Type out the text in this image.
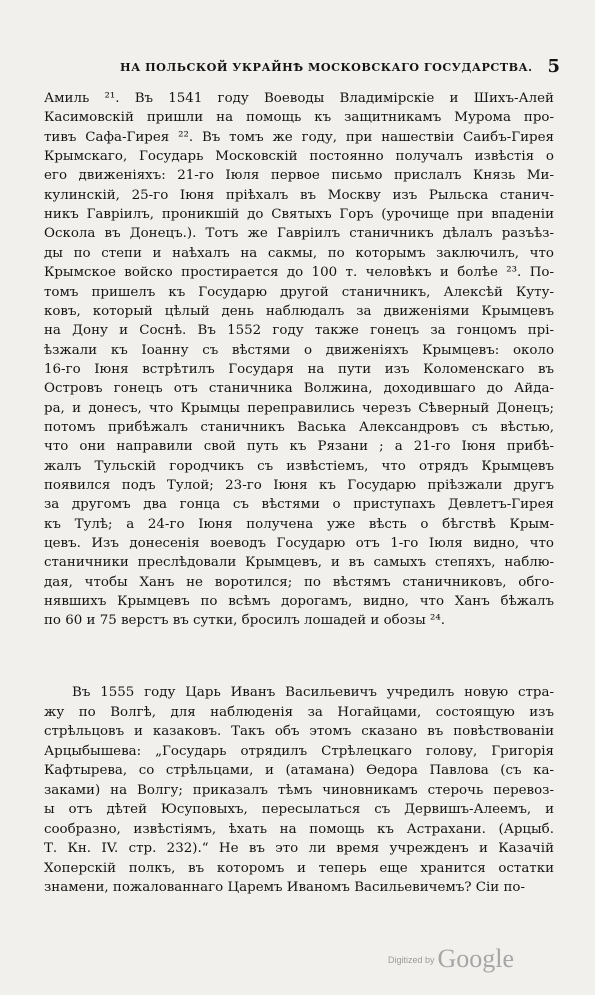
НА ПОЛЬСКОЙ УКРАЙНѢ МОСКОВСКАГО ГОСУДАРСТВА. 5
Амиль ²¹. Въ 1541 году Воеводы Владимірскіе и Шихъ-Алей
Касимовскій пришли на помощь къ защитникамъ Мурома про-
тивъ Сафа-Гирея ²². Въ томъ же году, при нашествіи Саибъ-Гирея
Крымскаго, Государь Московскій постоянно получалъ извѣстія о
его движеніяхъ: 21-го Іюля первое письмо прислалъ Князь Ми-
кулинскій, 25-го Іюня пріѣхалъ въ Москву изъ Рыльска станич-
никъ Гавріилъ, проникшій до Святыхъ Горъ (урочище при впаденіи
Оскола въ Донецъ.). Тотъ же Гавріилъ станичникъ дѣлалъ разъѣз-
ды по степи и наѣхалъ на сакмы, по которымъ заключилъ, что
Крымское войско простирается до 100 т. человѣкъ и болѣе ²³. Пo-
томъ пришелъ къ Государю другой станичникъ, Алексѣй Куту-
ковъ, который цѣлый день наблюдалъ за движеніями Крымцевъ
на Дону и Соснѣ. Въ 1552 году также гонецъ за гонцомъ прі-
ѣзжали къ Іоанну съ вѣстями о движеніяхъ Крымцевъ: около
16-го Іюня встрѣтилъ Государя на пути изъ Коломенскаго въ
Островъ гонецъ отъ станичника Волжина, доходившаго до Айда-
ра, и донесъ, что Крымцы переправились черезъ Сѣверный Донецъ;
потомъ прибѣжалъ станичникъ Васька Александровъ съ вѣстью,
что они направили свой путь къ Рязани ; а 21-го Іюня прибѣ-
жалъ Тульскій городчикъ съ извѣстіемъ, что отрядъ Крымцевъ
появился подъ Тулой; 23-го Іюня къ Государю пріѣзжали другъ
за другомъ два гонца съ вѣстями о приступахъ Девлетъ-Гирея
къ Тулѣ; а 24-го Іюня получена уже вѣсть о бѣгствѣ Крым-
цевъ. Изъ донесенія воеводъ Государю отъ 1-го Іюля видно, что
станичники преслѣдовали Крымцевъ, и въ самыхъ степяхъ, наблю-
дая, чтобы Ханъ не воротился; по вѣстямъ станичниковъ, обго-
нявшихъ Крымцевъ по всѣмъ дорогамъ, видно, что Ханъ бѣжалъ
по 60 и 75 верстъ въ сутки, бросилъ лошадей и обозы ²⁴.
Въ 1555 году Царь Иванъ Васильевичъ учредилъ новую стра-
жу по Волгѣ, для наблюденія за Ногайцами, состоящую изъ
стрѣльцовъ и казаковъ. Такъ объ этомъ сказано въ повѣствованіи
Арцыбышева: „Государь отрядилъ Стрѣлецкаго голову, Григорія
Кафтырева, со стрѣльцами, и (атамана) Ѳедора Павлова (съ ка-
заками) на Волгу; приказалъ тѣмъ чиновникамъ стерочь перевоз-
ы отъ дѣтей Юсуповыхъ, пересылаться съ Дервишъ-Алеемъ, и
сообразно, извѣстіямъ, ѣхать на помощь къ Астрахани. (Арцыб.
Т. Кн. IV. стр. 232).“ Не въ это ли время учрежденъ и Казачій
Хоперскій полкъ, въ которомъ и теперь еще хранится остатки
знамени, пожалованнаго Царемъ Иваномъ Васильевичемъ? Сіи по-
$^{Digitized by}$ Google
